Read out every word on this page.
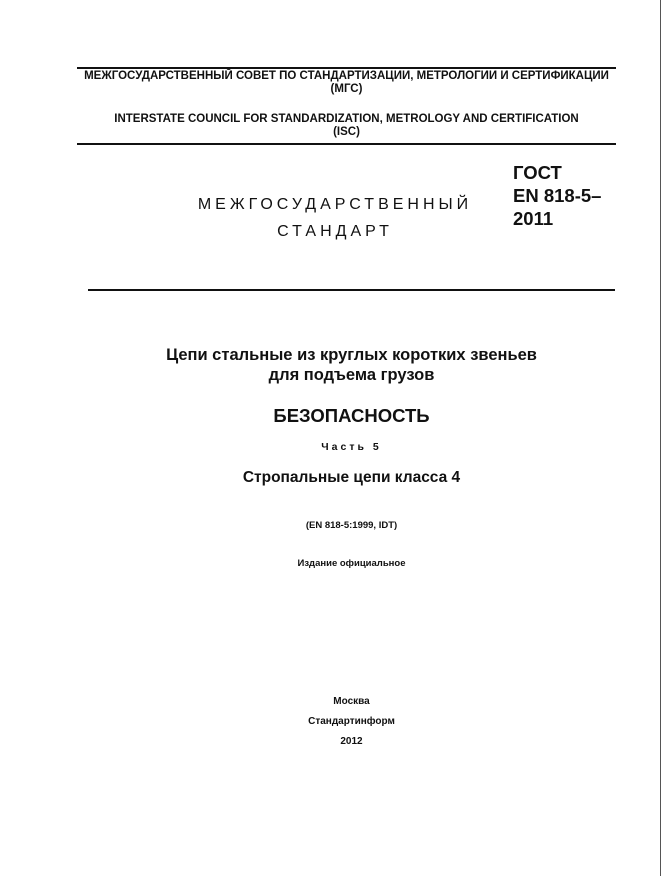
МЕЖГОСУДАРСТВЕННЫЙ СОВЕТ ПО СТАНДАРТИЗАЦИИ, МЕТРОЛОГИИ И СЕРТИФИКАЦИИ
(МГС)
INTERSTATE COUNCIL FOR STANDARDIZATION, METROLOGY AND CERTIFICATION
(ISC)
МЕЖГОСУДАРСТВЕННЫЙ
СТАНДАРТ
ГОСТ
EN 818-5–
2011
Цепи стальные из круглых коротких звеньев
для подъема грузов
БЕЗОПАСНОСТЬ
Часть 5
Стропальные цепи класса 4
(EN 818-5:1999, IDT)
Издание официальное
Москва
Стандартинформ
2012
